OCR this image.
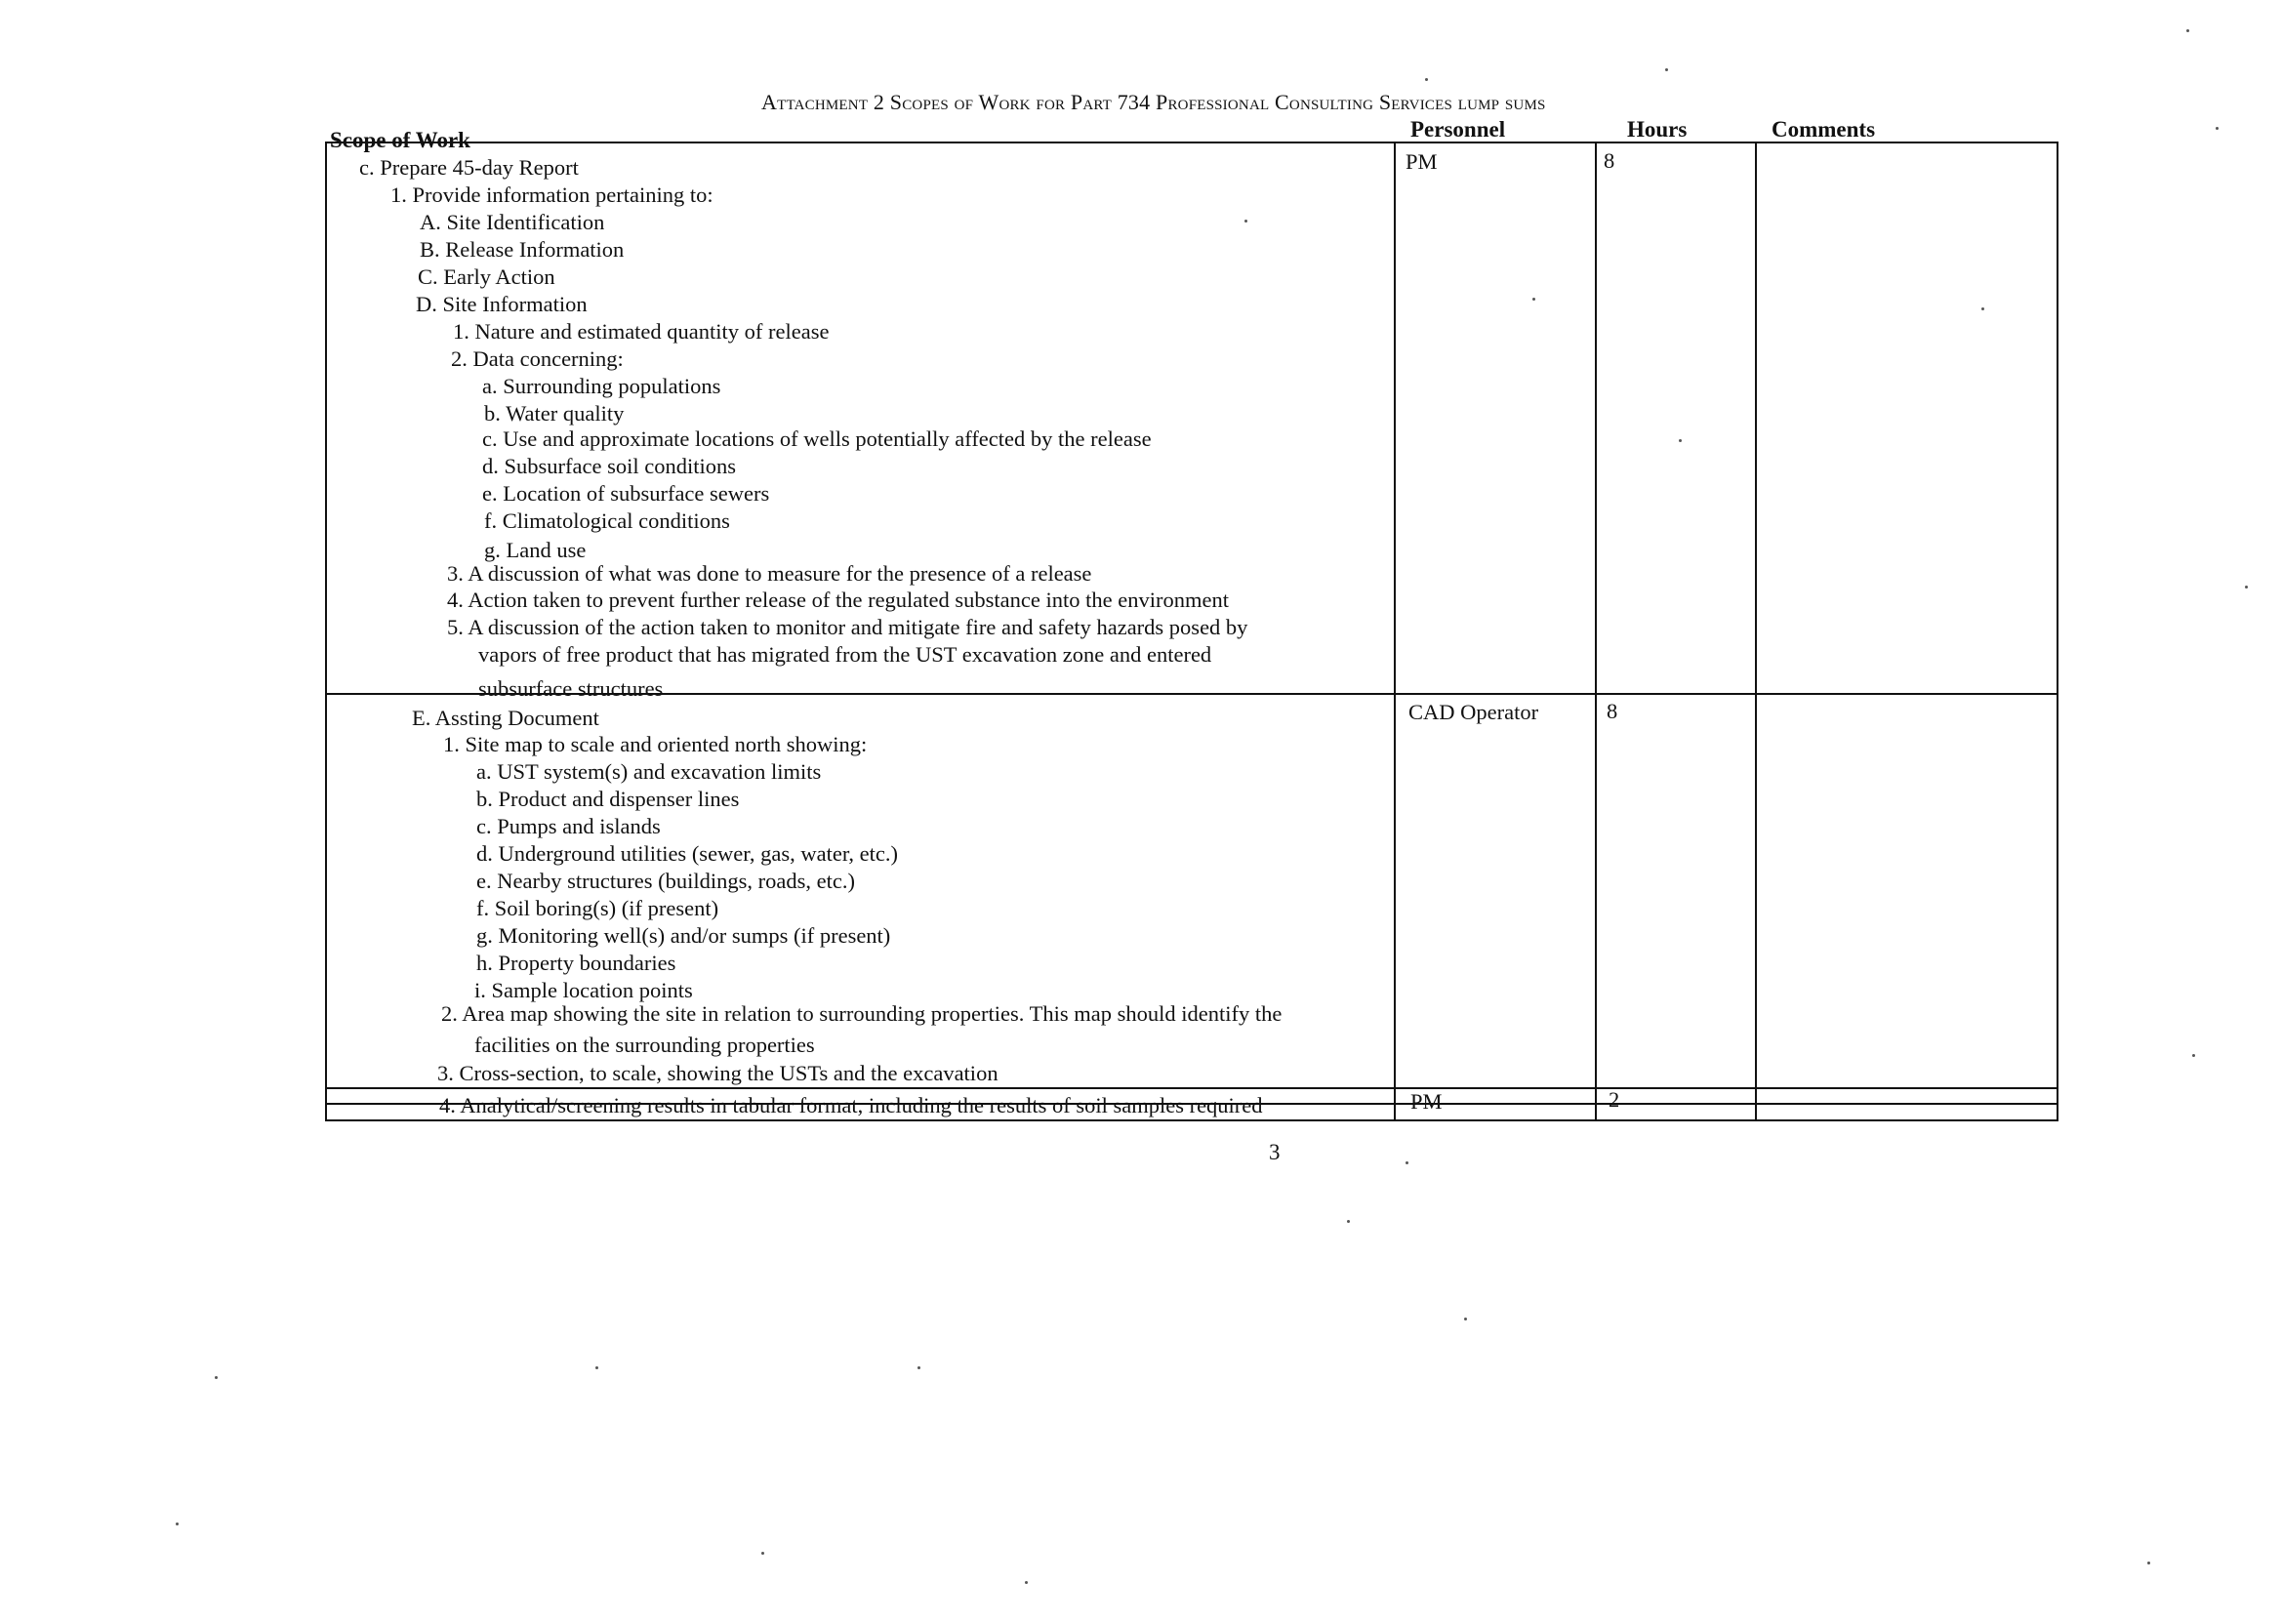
Attachment 2 Scopes of Work for Part 734 Professional Consulting Services lump sums
Scope of Work	Personnel	Hours	Comments
c. Prepare 45-day Report
1. Provide information pertaining to:
A. Site Identification
B. Release Information
C. Early Action
D. Site Information
1. Nature and estimated quantity of release
2. Data concerning:
a. Surrounding populations
b. Water quality
c. Use and approximate locations of wells potentially affected by the release
d. Subsurface soil conditions
e. Location of subsurface sewers
f. Climatological conditions
g. Land use
3. A discussion of what was done to measure for the presence of a release
4. Action taken to prevent further release of the regulated substance into the environment
5. A discussion of the action taken to monitor and mitigate fire and safety hazards posed by
vapors of free product that has migrated from the UST excavation zone and entered
subsurface structures
PM	8
E. Assting Document
1. Site map to scale and oriented north showing:
a. UST system(s) and excavation limits
b. Product and dispenser lines
c. Pumps and islands
d. Underground utilities (sewer, gas, water, etc.)
e. Nearby structures (buildings, roads, etc.)
f. Soil boring(s) (if present)
g. Monitoring well(s) and/or sumps (if present)
h. Property boundaries
i. Sample location points
2. Area map showing the site in relation to surrounding properties. This map should identify the
facilities on the surrounding properties
3. Cross-section, to scale, showing the USTs and the excavation
CAD Operator	8
4. Analytical/screening results in tabular format, including the results of soil samples required	PM	2
3
